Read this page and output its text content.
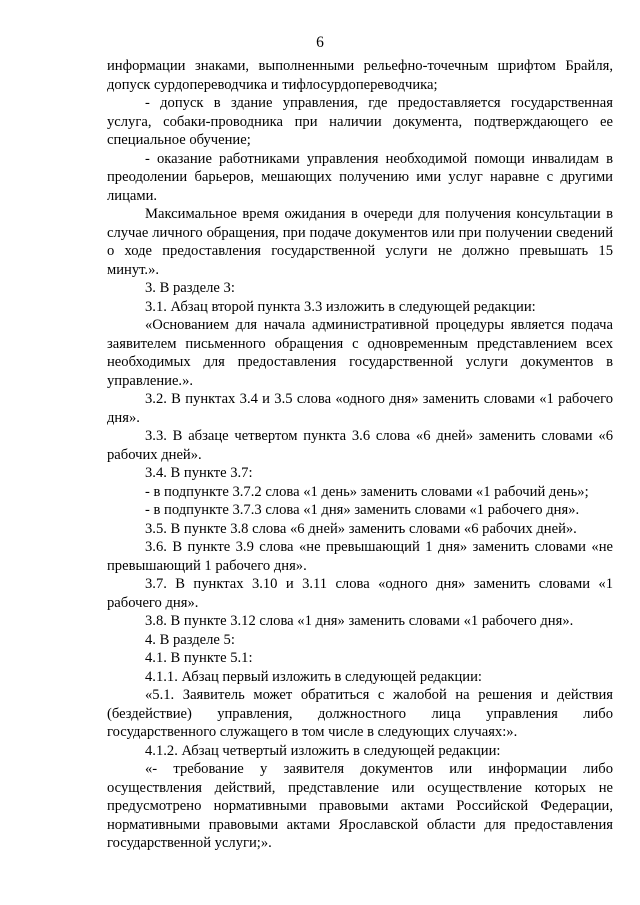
6

информации знаками, выполненными рельефно-точечным шрифтом Брайля, допуск сурдопереводчика и тифлосурдопереводчика;

- допуск в здание управления, где предоставляется государственная услуга, собаки-проводника при наличии документа, подтверждающего ее специальное обучение;

- оказание работниками управления необходимой помощи инвалидам в преодолении барьеров, мешающих получению ими услуг наравне с другими лицами.

Максимальное время ожидания в очереди для получения консультации в случае личного обращения, при подаче документов или при получении сведений о ходе предоставления государственной услуги не должно превышать 15 минут.».

3. В разделе 3:

3.1. Абзац второй пункта 3.3 изложить в следующей редакции:

«Основанием для начала административной процедуры является подача заявителем письменного обращения с одновременным представлением всех необходимых для предоставления государственной услуги документов в управление.».

3.2. В пунктах 3.4 и 3.5 слова «одного дня» заменить словами «1 рабочего дня».

3.3. В абзаце четвертом пункта 3.6 слова «6 дней» заменить словами «6 рабочих дней».

3.4. В пункте 3.7:

- в подпункте 3.7.2 слова «1 день» заменить словами «1 рабочий день»;

- в подпункте 3.7.3 слова «1 дня» заменить словами «1 рабочего дня».

3.5. В пункте 3.8 слова «6 дней» заменить словами «6 рабочих дней».

3.6. В пункте 3.9 слова «не превышающий 1 дня» заменить словами «не превышающий 1 рабочего дня».

3.7. В пунктах 3.10 и 3.11 слова «одного дня» заменить словами «1 рабочего дня».

3.8. В пункте 3.12 слова «1 дня» заменить словами «1 рабочего дня».

4. В разделе 5:

4.1. В пункте 5.1:

4.1.1. Абзац первый изложить в следующей редакции:

«5.1. Заявитель может обратиться с жалобой на решения и действия (бездействие) управления, должностного лица управления либо государственного служащего в том числе в следующих случаях:».

4.1.2. Абзац четвертый изложить в следующей редакции:

«- требование у заявителя документов или информации либо осуществления действий, представление или осуществление которых не предусмотрено нормативными правовыми актами Российской Федерации, нормативными правовыми актами Ярославской области для предоставления государственной услуги;».
